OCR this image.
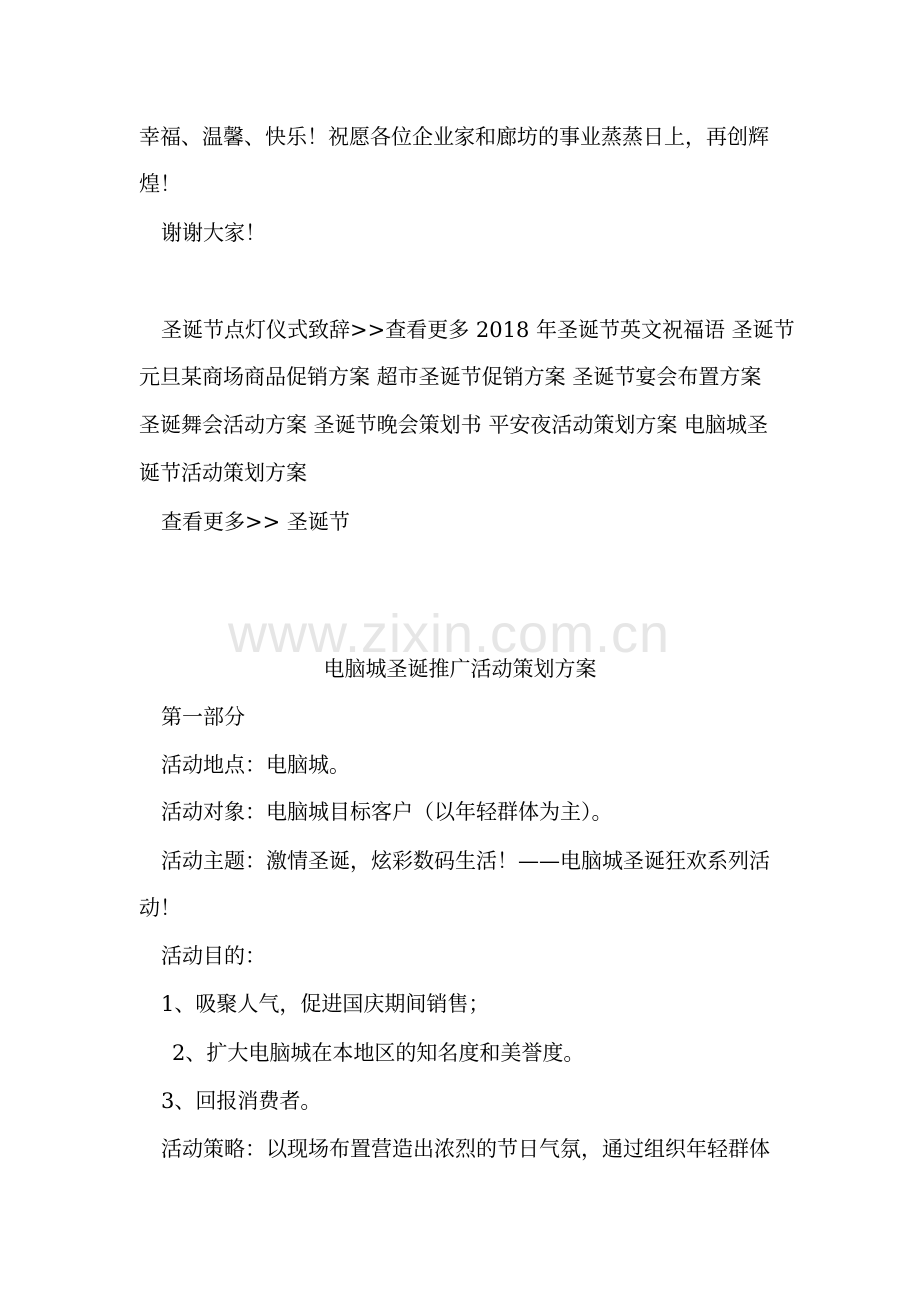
www.zixin.com.cn
幸福、温馨、快乐！祝愿各位企业家和廊坊的事业蒸蒸日上，再创辉
煌！
谢谢大家！
圣诞节点灯仪式致辞>>查看更多 2018 年圣诞节英文祝福语 圣诞节
元旦某商场商品促销方案 超市圣诞节促销方案 圣诞节宴会布置方案
圣诞舞会活动方案 圣诞节晚会策划书 平安夜活动策划方案 电脑城圣
诞节活动策划方案
查看更多>> 圣诞节
电脑城圣诞推广活动策划方案
第一部分
活动地点：电脑城。
活动对象：电脑城目标客户（以年轻群体为主）。
活动主题：激情圣诞，炫彩数码生活！——电脑城圣诞狂欢系列活
动！
活动目的：
1、吸聚人气，促进国庆期间销售；
2、扩大电脑城在本地区的知名度和美誉度。
3、回报消费者。
活动策略：以现场布置营造出浓烈的节日气氛，通过组织年轻群体
